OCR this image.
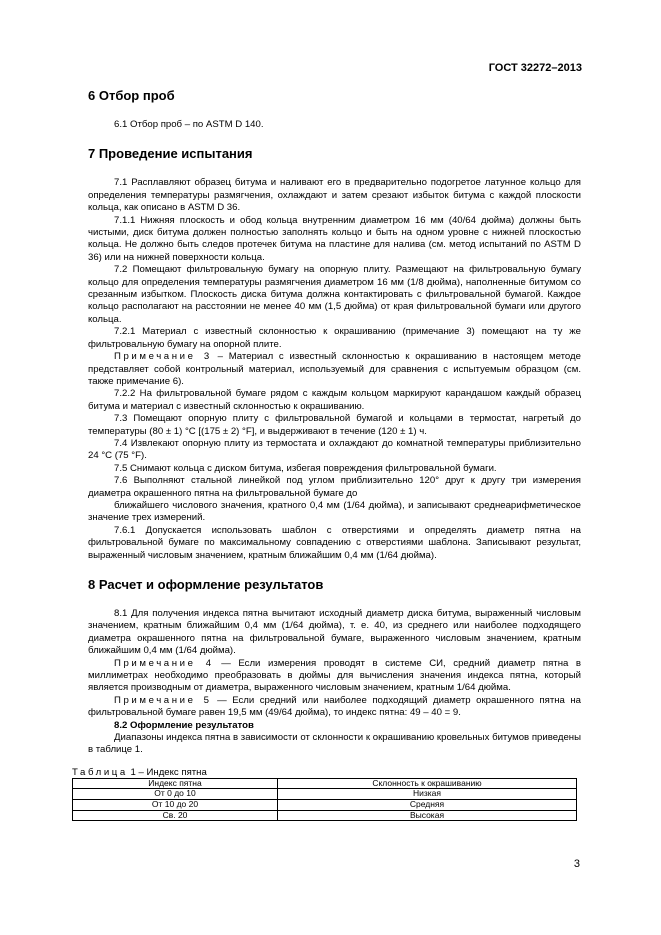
ГОСТ 32272–2013
6 Отбор проб

6.1 Отбор проб – по ASTM D 140.

7 Проведение испытания

7.1 Расплавляют образец битума и наливают его в предварительно подогретое латунное кольцо для определения температуры размягчения, охлаждают и затем срезают избыток битума с каждой плоскости кольца, как описано в ASTM D 36.

7.1.1 Нижняя плоскость и обод кольца внутренним диаметром 16 мм (40/64 дюйма) должны быть чистыми, диск битума должен полностью заполнять кольцо и быть на одном уровне с нижней плоскостью кольца. Не должно быть следов протечек битума на пластине для налива (см. метод испытаний по ASTM D 36) или на нижней поверхности кольца.

7.2 Помещают фильтровальную бумагу на опорную плиту. Размещают на фильтровальную бумагу кольцо для определения температуры размягчения диаметром 16 мм (1/8 дюйма), наполненные битумом со срезанным избытком. Плоскость диска битума должна контактировать с фильтровальной бумагой. Каждое кольцо располагают на расстоянии не менее 40 мм (1,5 дюйма) от края фильтровальной бумаги или другого кольца.

7.2.1 Материал с известный склонностью к окрашиванию (примечание 3) помещают на ту же фильтровальную бумагу на опорной плите.

Примечание 3 – Материал с известный склонностью к окрашиванию в настоящем методе представляет собой контрольный материал, используемый для сравнения с испытуемым образцом (см. также примечание 6).

7.2.2 На фильтровальной бумаге рядом с каждым кольцом маркируют карандашом каждый образец битума и материал с известный склонностью к окрашиванию.

7.3 Помещают опорную плиту с фильтровальной бумагой и кольцами в термостат, нагретый до температуры (80 ± 1) °С [(175 ± 2) °F], и выдерживают в течение (120 ± 1) ч.

7.4 Извлекают опорную плиту из термостата и охлаждают до комнатной температуры приблизительно 24 °С (75 °F).

7.5 Снимают кольца с диском битума, избегая повреждения фильтровальной бумаги.

7.6 Выполняют стальной линейкой под углом приблизительно 120° друг к другу три измерения диаметра окрашенного пятна на фильтровальной бумаге до

ближайшего числового значения, кратного 0,4 мм (1/64 дюйма), и записывают среднеарифметическое значение трех измерений.

7.6.1 Допускается использовать шаблон с отверстиями и определять диаметр пятна на фильтровальной бумаге по максимальному совпадению с отверстиями шаблона. Записывают результат, выраженный числовым значением, кратным ближайшим 0,4 мм (1/64 дюйма).

8 Расчет и оформление результатов

8.1 Для получения индекса пятна вычитают исходный диаметр диска битума, выраженный числовым значением, кратным ближайшим 0,4 мм (1/64 дюйма), т. е. 40, из среднего или наиболее подходящего диаметра окрашенного пятна на фильтровальной бумаге, выраженного числовым значением, кратным ближайшим 0,4 мм (1/64 дюйма).

Примечание 4 — Если измерения проводят в системе СИ, средний диаметр пятна в миллиметрах необходимо преобразовать в дюймы для вычисления значения индекса пятна, который является производным от диаметра, выраженного числовым значением, кратным 1/64 дюйма.

Примечание 5 — Если средний или наиболее подходящий диаметр окрашенного пятна на фильтровальной бумаге равен 19,5 мм (49/64 дюйма), то индекс пятна: 49 – 40 = 9.

8.2 Оформление результатов

Диапазоны индекса пятна в зависимости от склонности к окрашиванию кровельных битумов приведены в таблице 1.

Таблица 1 – Индекс пятна
Индекс пятна	Склонность к окрашиванию
От 0 до 10	Низкая
От 10 до 20	Средняя
Св. 20	Высокая
3
